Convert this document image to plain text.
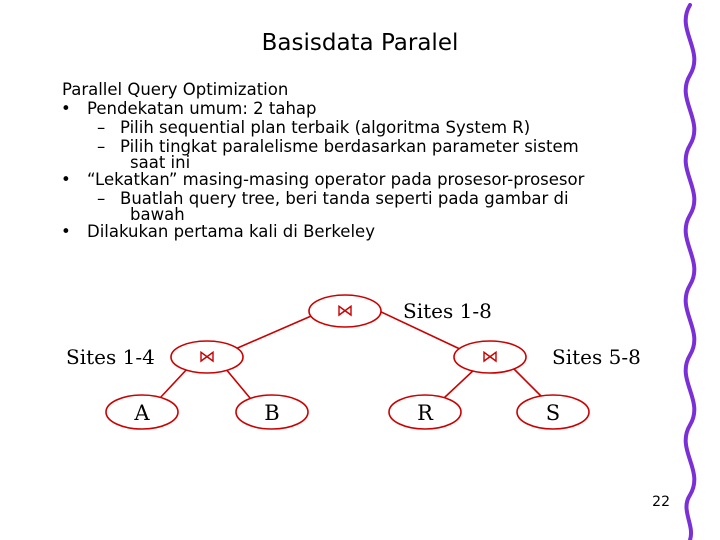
Basisdata Paralel
Parallel Query Optimization
• Pendekatan umum: 2 tahap
– Pilih sequential plan terbaik (algoritma System R)
– Pilih tingkat paralelisme berdasarkan parameter sistem
saat ini
• “Lekatkan” masing-masing operator pada prosesor-prosesor
– Buatlah query tree, beri tanda seperti pada gambar di
bawah
• Dilakukan pertama kali di Berkeley
⋈
⋈	⋈
A	B	R	S
Sites 1-8
Sites 1-4	Sites 5-8
22
